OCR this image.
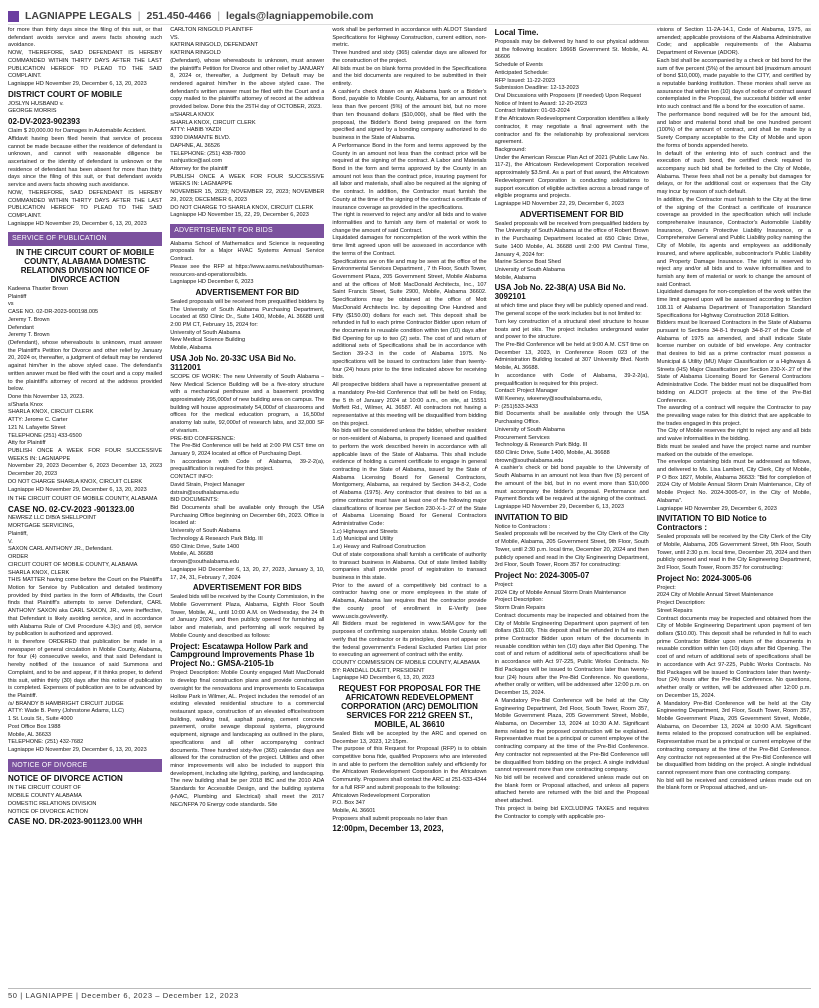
LAGNIAPPE LEGALS | 251.450-4466 | legals@lagniappemobile.com

for more than thirty days since the filing of this suit, or that defendant avoids service and avers facts showing such avoidance.
NOW, THEREFORE, SAID DEFENDANT IS HEREBY COMMANDED WITHIN THIRTY DAYS AFTER THE LAST PUBLICATION HEREOF TO PLEAD TO THE SAID COMPLAINT.
Lagniappe HD November 29, December 6, 13, 20, 2023

DISTRICT COURT OF MOBILE

JOSLYN HUSBAND v.
GEORGE MORRIS

02-DV-2023-902393

Claim $ 20,000.00 for Damages in Automabile Accident.
Affidavit having been filed herein that service of process cannot be made because either the residence of defendant is unknown, and cannot with reasonable diligence be ascertained or the identity of defendant is unknown or the residence of defendant has been absent for more than thirty days since the filing of this suit, or that defendant avoids service and avers facts showing such avoidance.
NOW, THEREFORE, SAID DEFENDANT IS HEREBY COMMANDED WITHIN THIRTY DAYS AFTER THE LAST PUBLICATION HEREOF TO PLEAD TO THE SAID COMPLAINT.
Lagniappe HD November 29, December 6, 13, 20, 2023

SERVICE OF PUBLICATION
IN THE CIRCUIT COURT OF MOBILE COUNTY, ALABAMA DOMESTIC RELATIONS DIVISION NOTICE OF DIVORCE ACTION

Kadeena Thaxter Brown
Plaintiff
vs
CASE NO. 02-DR-2023-900198.005
Jeremy T. Brown
Defendant
Jeremy T. Brown
(Defendant), whose whereabouts is unknown, must answer the Plaintiff's Petition for Divorce and other relief by January 20, 2024 or, thereafter, a judgment of default may be rendered against him/her in the above styled case. The defendant's written answer must be filed with the court and a copy mailed to the plaintiff's attorney of record at the address provided below.
Done this November 13, 2023.
s/Sharla Knox
SHARLA KNOX, CIRCUIT CLERK
ATTY: Jerome C. Carter
121 N. Lafayette Street
TELEPHONE (251) 433-6500
Atty for Plaintiff
PUBLISH ONCE A WEEK FOR FOUR SUCCESSIVE WEEKS IN: LAGNIAPPE
November 29, 2023 December 6, 2023 December 13, 2023 December 20, 2023
DO NOT CHARGE SHARLA KNOX, CIRCUIT CLERK
Lagniappe HD November 29, December 6, 13, 20, 2023

IN THE CIRCUIT COURT OF MOBILE COUNTY, ALABAMA

CASE NO. 02-CV-2023 -901323.00

NEWREZ LLC D/B/A SHELLPOINT
MORTGAGE SERVICING,
Plaintiff,
V.
SAXON CARL ANTHONY JR., Defendant.
ORDER
CIRCUIT COURT OF MOBILE COUNTY, ALABAMA
SHARLA KNOX, CLERK
THIS MATTER having come before the Court on the Plaintiff's Motion for Service by Publication and detailed testimony provided by third parties in the form of Affidavits, the Court finds that Plaintiff's attempts to serve Defendant, CARL ANTHONY SAXON aka CARL SAXON, JR., were ineffective, that Defendant is likely avoiding service, and in accordance with Alabama Rule of Civil Procedure 4.3(c) and (d), service by publication is authorized and approved.
It is therefore ORDERED that publication be made in a newspaper of general circulation in Mobile County, Alabama, for four (4) consecutive weeks, and that said Defendant is hereby notified of the issuance of said Summons and Complaint, and to be and appear, if it thinks proper, to defend this suit, within thirty (30) days after this notice of publication is completed. Expenses of publication are to be advanced by the Plaintiff.
/s/ BRANDY B HAMBRIGHT CIRCUIT JUDGE
ATTY: Wade B. Perry (Johnstone Adams, LLC)
1 St. Louis St., Suite 4000
Post Office Box 1988
Mobile, AL 36633
TELEPHONE: (251) 432-7682
Lagniappe HD November 29, December 6, 13, 20, 2023

NOTICE OF DIVORCE
NOTICE OF DIVORCE ACTION

IN THE CIRCUIT COURT OF
MOBILE COUNTY ALABAMA
DOMESTIC RELATIONS DIVISION
NOTICE OF DIVORCE ACTION

CASE NO. DR-2023-901123.00 WHH

CARLTON RINGOLD PLAINTIFF
VS.
KATRINA RINGOLD, DEFENDANT
KATRINA RINGOLD
(Defendant), whose whereabouts is unknown, must answer the plaintiff's Petition for Divorce and other relief by JANUARY 8, 2024 or, thereafter, a Judgment by Default may be rendered against him/her in the above styled case. The defendant's written answer must be filed with the Court and a copy mailed to the plaintiff's attorney of record at the address provided below. Done this the 25TH day of OCTOBER, 2023.
s/SHARLA KNOX
SHARLA KNOX, CIRCUIT CLERK
ATTY: HABIB YAZDI
9390 DIAMANTE BLVD.
DAPHNE, AL 36526
TELEPHONE: (251) 438-7800
rushjustice@aol.com
Attorney for the plaintiff
PUBLISH ONCE A WEEK FOR FOUR SUCCESSIVE WEEKS IN: LAGNIAPPE
NOVEMBER 15, 2023; NOVEMBER 22, 2023; NOVEMBER 29, 2023; DECEMBER 6, 2023
DO NOT CHARGE TO SHARLA KNOX, CIRCUIT CLERK
Lagniappe HD November 15, 22, 29, December 6, 2023

ADVERTISEMENT FOR BIDS

Alabama School of Mathematics and Science is requesting proposals for a Major HVAC Systems Annual Service Contract.
Please see the RFP at https://www.asms.net/about/human-resources-and-operations/bids.
Lagniappe HD December 6, 2023

ADVERTISEMENT FOR BID

Sealed proposals will be received from prequalified bidders by The University of South Alabama Purchasing Department, Located at 650 Clinic Dr., Suite 1400, Mobile, AL 36688 until 2:00 PM CT, February 15, 2024 for:
University of South Alabama
New Medical Science Building
Mobile, Alabama

USA Job No. 20-33C USA Bid No. 3112001

SCOPE OF WORK: The new University of South Alabama – New Medical Science Building will be a five-story structure with a mechanical penthouse and a basement providing approximately 295,000sf of new building area on campus. The building will house approximately 54,000sf of classrooms and offices for the medical education program, a 16,500sf anatomy lab suite, 92,000sf of research labs, and 32,000 SF of vivarium.
PRE-BID CONFERENCE:
The Pre-Bid Conference will be held at 2:00 PM CST time on January 9, 2024 located at office of Purchasing Dept.
In accordance with Code of Alabama, 39-2-2(a), prequalification is required for this project.
CONTACT INFO:
David Strain, Project Manager
dstrain@southalabama.edu
BID DOCUMENTS:
Bid Documents shall be available only through the USA Purchasing Office beginning on December 6th, 2023. Office is located at:
University of South Alabama
Technology & Research Park Bldg. III
650 Clinic Drive, Suite 1400
Mobile, AL 36688
rbrown@southalabama.edu
Lagniappe HD December 6, 13, 20, 27, 2023, January 3, 10, 17, 24, 31, February 7, 2024

ADVERTISEMENT FOR BIDS

Sealed bids will be received by the County Commission, in the Mobile Government Plaza, Alabama, Eighth Floor South Tower, Mobile, AL, until 10:00 A.M. on Wednesday, the 24 th of January 2024, and then publicly opened for furnishing all labor and materials, and performing all work required by Mobile County and described as follows:

Project: Escatawpa Hollow Park and Campground Improvements Phase 1b Project No.: GMSA-2105-1b

Project Description: Mobile County engaged Matt MacDonald to develop final construction plans and provide construction oversight for the renovations and improvements to Escatawpa Hollow Park in Wilmer, AL. Project includes the remodel of an existing elevated residential structure to a commercial restaurant space, construction of an elevated office/restroom building, walking trail, asphalt paving, cement concrete pavement, onsite sewage disposal systems, playground equipment, signage and landscaping as outlined in the plans, specifications and all other accompanying contract documents. Three hundred sixty-five (365) calendar days are allowed for the construction of the project. Utilities and other minor improvements will also be included to support this development, including site lighting, parking, and landscaping. The new building shall be per 2018 IBC and the 2010 ADA Standards for Accessible Design, and the building systems (HVAC, Plumbing and Electrical) shall meet the 2017 NEC/NFPA 70 Energy code standards. Site

work shall be performed in accordance with ALDOT Standard Specifications for Highway Construction, current edition, non-metric.
Three hundred and sixty (365) calendar days are allowed for the construction of the project.
All bids must be on blank forms provided in the Specifications and the bid documents are required to be submitted in their entirety.
A cashier's check drawn on an Alabama bank or a Bidder's Bond, payable to Mobile County, Alabama, for an amount not less than five percent (5%) of the amount bid, but no more than ten thousand dollars ($10,000), shall be filed with the proposal, the Bidder's Bond being prepared on the form specified and signed by a bonding company authorized to do business in the State of Alabama.
A Performance Bond in the form and terms approved by the County in an amount not less than the contract price will be required at the signing of the contract. A Labor and Materials Bond in the form and terms approved by the County in an amount not less than the contract price, insuring payment for all labor and materials, shall also be required at the signing of the contract. In addition, the Contractor must furnish the County at the time of the signing of the contract a certificate of insurance coverage as provided in the specifications.
The right is reserved to reject any and/or all bids and to waive informalities and to furnish any item of material or work to change the amount of said Contract.
Liquidated damages for noncompletion of the work within the time limit agreed upon will be assessed in accordance with the terms of the Contract.
Specifications are on file and may be seen at the office of the Environmental Services Department , 7 th Floor, South Tower, Government Plaza, 205 Government Street, Mobile Alabama and at the offices of Mott MacDonald Architects, Inc., 107 Saint Francis Street, Suite 2900, Mobile, Alabama 36602. Specifications may be obtained at the office of Mott MacDonald Architects Inc. by depositing One Hundred and Fifty ($150.00) dollars for each set. This deposit shall be refunded in full to each prime Contractor Bidder upon return of the documents in reusable condition within ten (10) days after Bid Opening for up to two (2) sets. The cost of and return of additional sets of Specifications shall be in accordance with Section 39-2-3 in the code of Alabama 1975. No specifications will be issued to contractors later than twenty-four (24) hours prior to the time indicated above for receiving bids.
All prospective bidders shall have a representative present at a mandatory Pre-bid Conference that will be held on Friday, the 5 th of January 2024 at 10:00 a.m., on site, at 15551 Moffett Rd., Wilmer, AL 36587. All contractors not having a representative at this meeting will be disqualified from bidding on this project.
No bids will be considered unless the bidder, whether resident or non-resident of Alabama, is properly licensed and qualified to perform the work described herein in accordance with all applicable laws of the State of Alabama. This shall include evidence of holding a current certificate to engage in general contracting in the State of Alabama, issued by the State of Alabama Licensing Board for General Contractors, Montgomery, Alabama, as required by Section 34-8-2, Code of Alabama (1975). Any contractor that desires to bid as a prime contractor must have at least one of the following major classifications of license per Section 230-X-1-.27 of the State of Alabama Licensing Board for General Contractors Administrative Code:
1.c) Highways and Streets
1.d) Municipal and Utility
1.e) Heavy and Railroad Construction
Out of state corporations shall furnish a certificate of authority to transact business in Alabama. Out of state limited liability companies shall provide proof of registration to transact business in this state.
Prior to the award of a competitively bid contract to a contractor having one or more employees in the state of Alabama, Alabama law requires that the contractor provide the county proof of enrollment in E-Verify (see www.uscis.gov/everify.
All Bidders must be registered in www.SAM.gov for the purposes of confirming suspension status. Mobile County will verify that the contractor or its principles, does not appear on the federal government's Federal Excluded Parties List prior to executing an agreement of contract with the entity.
COUNTY COMMISSION OF MOBILE COUNTY, ALABAMA
BY: RANDALL DUEITT, PRESIDENT
Lagniappe HD December 6, 13, 20, 2023

REQUEST FOR PROPOSAL FOR THE AFRICATOWN REDEVELOPMENT CORPORATION (ARC) DEMOLITION SERVICES FOR 2212 GREEN ST., MOBILE, AL 36610

Sealed Bids will be accepted by the ARC and opened on December 13, 2023, 12:15pm.
The purpose of this Request for Proposal (RFP) is to obtain competitive bona fide, qualified Proposers who are interested in and able to perform the demolition safely and efficiently for the Africatown Redevelopment Corporation in the Africatown Community. Proposers shall contact the ARC at 251-533-4344 for a full RFP and submit proposals to the following:
Africatown Redevelopment Corporation
P.O. Box 347
Mobile, AL 36601
Proposers shall submit proposals no later than

12:00pm, December 13, 2023,
Local Time.

Proposals may be delivered by hand to our physical address at the following location: 1866B Government St. Mobile, AL 36606
Schedule of Events
Anticipated Schedule:
RFP Issued: 11-22-2023
Submission Deadline: 12-13-2023
Oral Discussions with Proposers (If needed) Upon Request
Notice of Intent to Award: 12-20-2023
Contract Initiation: 01-03-2024
If the Africatown Redevelopment Corporation identifies a likely contractor, it may negotiate a final agreement with the contractor and fix the relationship by professional services agreement.
Background:
Under the American Rescue Plan Act of 2021 (Public Law No. 117-2), the Africatown Redevelopment Corporation received approximately $3.5mil. As a part of that award, the Africatown Redevelopment Corporation is conducting solicitations to support execution of eligible activities across a broad range of eligible programs and projects.
Lagniappe HD November 22, 29, December 6, 2023

ADVERTISEMENT FOR BID

Sealed proposals will be received from prequalified bidders by The University of South Alabama at the office of Robert Brown in the Purchasing Department located at 650 Clinic Drive, Suite 1400 Mobile, AL 36688 until 2:00 PM Central Time, January 4, 2024 for:
Marine Science Boat Shed
University of South Alabama
Mobile, Alabama

USA Job No. 22-38(A) USA Bid No. 3092101

at which time and place they will be publicly opened and read.
The general scope of the work includes but is not limited to:
Turn key construction of a structural steel structure to house boats and jet skis. The project includes underground water and power to the structure.
The Pre-Bid Conference will be held at 9:00 A.M. CST time on December 13, 2023, in Conference Room 023 of the Administration Building located at 307 University Blvd. North Mobile, AL 36688.
In accordance with Code of Alabama, 39-2-2(a), prequalification is required for this project.
Contact: Project Manager
Will Keeney, wkeeney@southalabama.edu,
P: (251)533-3433
Bid Documents shall be available only through the USA Purchasing Office.
University of South Alabama
Procurement Services
Technology & Research Park Bldg. III
650 Clinic Drive, Suite 1400, Mobile, AL 36688
rbrown@southalabama.edu
A cashier's check or bid bond payable to the University of South Alabama in an amount not less than five (5) percent of the amount of the bid, but in no event more than $10,000 must accompany the bidder's proposal. Performance and Payment Bonds will be required at the signing of the contract.
Lagniappe HD November 29, December 6, 13, 2023

INVITATION TO BID

Notice to Contractors :
Sealed proposals will be received by the City Clerk of the City of Mobile, Alabama, 205 Government Street, 9th Floor, South Tower, until 2:30 p.m. local time, December 20, 2024 and then publicly opened and read in the City Engineering Department, 3rd Floor, South Tower, Room 357 for constructing:

Project No: 2024-3005-07

Project:
2024 City of Mobile Annual Storm Drain Maintenance
Project Description:
Storm Drain Repairs
Contract documents may be inspected and obtained from the City of Mobile Engineering Department upon payment of ten dollars ($10.00). This deposit shall be refunded in full to each prime Contractor Bidder upon return of the documents in reusable condition within ten (10) days after Bid Opening. The cost of and return of additional sets of specifications shall be in accordance with Act 97-225, Public Works Contracts. No Bid Packages will be issued to Contractors later than twenty-four (24) hours after the Pre-Bid Conference. No questions, whether orally or written, will be addressed after 12:00 p.m. on December 15, 2024.
A Mandatory Pre-Bid Conference will be held at the City Engineering Department, 3rd Floor, South Tower, Room 357, Mobile Government Plaza, 205 Government Street, Mobile, Alabama, on December 13, 2024 at 10:30 A.M. Significant items related to the proposed construction will be explained. Representative must be a principal or current employee of the contracting company at the time of the Pre-Bid Conference. Any contractor not represented at the Pre-Bid Conference will be disqualified from bidding on the project. A single individual cannot represent more than one contracting company.
No bid will be received and considered unless made out on the blank form or Proposal attached, and unless all papers attached hereto are returned with the bid and the Proposal sheet attached.
This project is being bid EXCLUDING TAXES and requires the Contractor to comply with applicable pro-

visions of Section 11-2A-14.1, Code of Alabama, 1975, as amended; applicable provisions of the Alabama Administrative Code; and applicable requirements of the Alabama Department of Revenue (ADOR).
Each bid shall be accompanied by a check or bid bond for the sum of five percent (5%) of the amount bid (maximum amount of bond $10,000), made payable to the CITY, and certified by a reputable banking institution. These monies shall serve as assurance that within ten (10) days of notice of contract award contemplated in the Proposal, the successful bidder will enter into such contract and file a bond for the execution of same.
The performance bond required will be for the amount bid, and labor and material bond shall be one hundred percent (100%) of the amount of contract, and shall be made by a Surety Company acceptable to the City of Mobile and upon the forms of bonds appended hereto.
In default of the entering into of such contract and the execution of such bond, the certified check required to accompany such bid shall be forfeited to the City of Mobile, Alabama. These fees shall not be a penalty but damages for delays, or for the additional cost or expenses that the City may incur by reason of such default.
In addition, the Contractor must furnish to the City at the time of the signing of the Contract a certificate of insurance coverage as provided in the specification which will include comprehensive insurance, Contractor's Automobile Liability Insurance, Owner's Protective Liability Insurance, or a Comprehensive General and Public Liability policy naming the City of Mobile, its agents and employees as additionally insured, and where applicable, subcontractor's Public Liability and Property Damage Insurance. The right is reserved to reject any and/or all bids and to waive informalities and to furnish any item of material or work to change the amount of said Contract.
Liquidated damages for non-completion of the work within the time limit agreed upon will be assessed according to Section 108.11 of Alabama Department of Transportation Standard Specifications for Highway Construction 2018 Edition.
Bidders must be licensed Contractors in the State of Alabama pursuant to Sections 34-8-1 through 34-8-27 of the Code of Alabama of 1975 as amended, and shall indicate State license number on outside of bid envelope. Any contractor that desires to bid as a prime contractor must possess a Municipal & Utility (MU) Major Classification or a Highways & Streets (HS) Major Classification per Section 230-X-.27 of the State of Alabama Licensing Board for General Contractors Administrative Code. The bidder must not be disqualified from bidding on ALDOT projects at the time of the Pre-Bid Conference.
The awarding of a contract will require the Contractor to pay the prevailing wage rates for this district that are applicable to the trades engaged in this project.
The City of Mobile reserves the right to reject any and all bids and waive informalities in the bidding.
Bids must be sealed and have the project name and number marked on the outside of the envelope.
The envelope containing bids must be addressed as follows, and delivered to Ms. Lisa Lambert, City Clerk, City of Mobile, P O Box 1827, Mobile, Alabama 36633: "Bid for completion of 2024 City of Mobile Annual Storm Drain Maintenance, City of Mobile Project No. 2024-3005-07, in the City of Mobile, Alabama".
Lagniappe HD November 29, December 6, 2023

INVITATION TO BID Notice to Contractors :

Sealed proposals will be received by the City Clerk of the City of Mobile, Alabama, 205 Government Street, 9th Floor, South Tower, until 2:30 p.m. local time, December 20, 2024 and then publicly opened and read in the City Engineering Department, 3rd Floor, South Tower, Room 357 for constructing:

Project No: 2024-3005-06

Project:
2024 City of Mobile Annual Street Maintenance
Project Description:
Street Repairs
Contract documents may be inspected and obtained from the City of Mobile Engineering Department upon payment of ten dollars ($10.00). This deposit shall be refunded in full to each prime Contractor Bidder upon return of the documents in reusable condition within ten (10) days after Bid Opening. The cost of and return of additional sets of specifications shall be in accordance with Act 97-225, Public Works Contracts. No Bid Packages will be issued to Contractors later than twenty-four (24) hours after the Pre-Bid Conference. No questions, whether orally or written, will be addressed after 12:00 p.m. on December 15, 2024.
A Mandatory Pre-Bid Conference will be held at the City Engineering Department, 3rd Floor, South Tower, Room 357, Mobile Government Plaza, 205 Government Street, Mobile, Alabama, on December 13, 2024 at 10:00 A.M. Significant items related to the proposed construction will be explained. Representative must be a principal or current employee of the contracting company at the time of the Pre-Bid Conference. Any contractor not represented at the Pre-Bid Conference will be disqualified from bidding on the project. A single individual cannot represent more than one contracting company.
No bid will be received and considered unless made out on the blank form or Proposal attached, and un-

50 | LAGNIAPPE | December 6, 2023 – December 12, 2023
